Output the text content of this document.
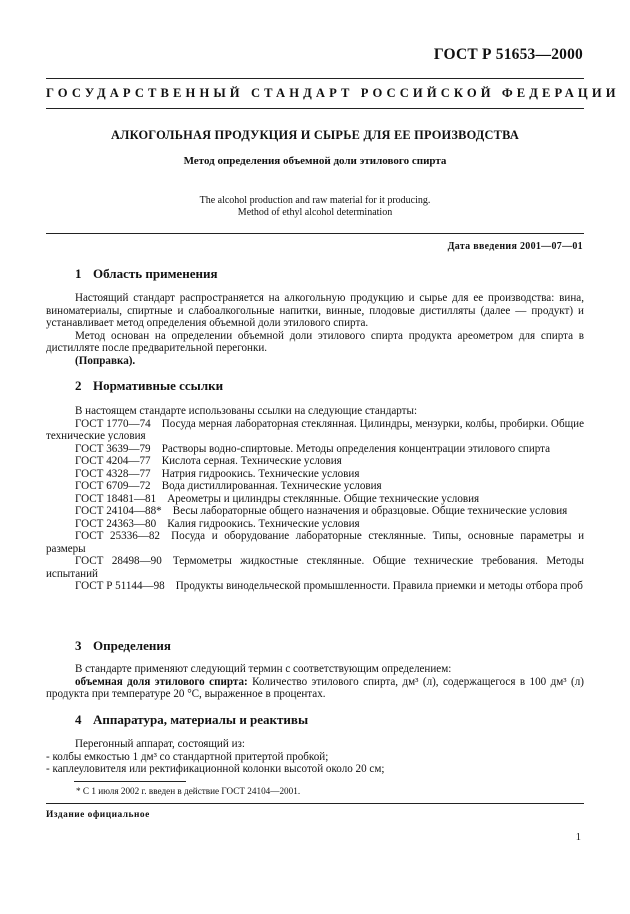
ГОСТ Р 51653—2000
ГОСУДАРСТВЕННЫЙ СТАНДАРТ РОССИЙСКОЙ ФЕДЕРАЦИИ
АЛКОГОЛЬНАЯ ПРОДУКЦИЯ И СЫРЬЕ ДЛЯ ЕЕ ПРОИЗВОДСТВА
Метод определения объемной доли этилового спирта
The alcohol production and raw material for it producing.
Method of ethyl alcohol determination
Дата введения 2001—07—01
1 Область применения

Настоящий стандарт распространяется на алкогольную продукцию и сырье для ее производства: вина, виноматериалы, спиртные и слабоалкогольные напитки, винные, плодовые дистилляты (далее — продукт) и устанавливает метод определения объемной доли этилового спирта.

Метод основан на определении объемной доли этилового спирта продукта ареометром для спирта в дистилляте после предварительной перегонки.

(Поправка).

2 Нормативные ссылки

В настоящем стандарте использованы ссылки на следующие стандарты:

ГОСТ 1770—74  Посуда мерная лабораторная стеклянная. Цилиндры, мензурки, колбы, пробирки. Общие технические условия

ГОСТ 3639—79  Растворы водно-спиртовые. Методы определения концентрации этилового спирта

ГОСТ 4204—77  Кислота серная. Технические условия

ГОСТ 4328—77  Натрия гидроокись. Технические условия

ГОСТ 6709—72  Вода дистиллированная. Технические условия

ГОСТ 18481—81  Ареометры и цилиндры стеклянные. Общие технические условия

ГОСТ 24104—88*  Весы лабораторные общего назначения и образцовые. Общие технические условия

ГОСТ 24363—80  Калия гидроокись. Технические условия

ГОСТ 25336—82  Посуда и оборудование лабораторные стеклянные. Типы, основные параметры и размеры

ГОСТ 28498—90  Термометры жидкостные стеклянные. Общие технические требования. Методы испытаний

ГОСТ Р 51144—98  Продукты винодельческой промышленности. Правила приемки и методы отбора проб

3 Определения

В стандарте применяют следующий термин с соответствующим определением:

объемная доля этилового спирта: Количество этилового спирта, дм³ (л), содержащегося в 100 дм³ (л) продукта при температуре 20 °С, выраженное в процентах.

4 Аппаратура, материалы и реактивы

Перегонный аппарат, состоящий из:

- колбы емкостью 1 дм³ со стандартной притертой пробкой;

- каплеуловителя или ректификационной колонки высотой около 20 см;

* С 1 июля 2002 г. введен в действие ГОСТ 24104—2001.
Издание официальное
1
